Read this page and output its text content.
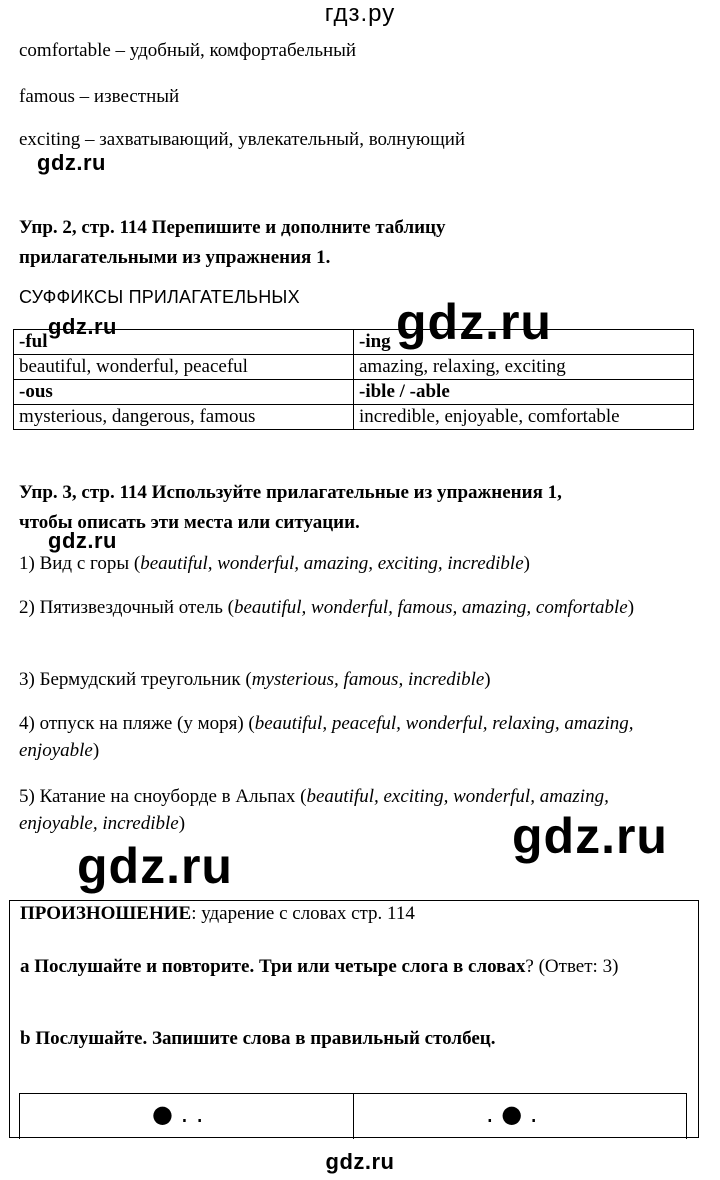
гдз.ру
comfortable – удобный, комфортабельный
famous – известный
exciting – захватывающий, увлекательный, волнующий
gdz.ru
Упр. 2, стр. 114 Перепишите и дополните таблицу
прилагательными из упражнения 1.
СУФФИКСЫ ПРИЛАГАТЕЛЬНЫХ
-ful	-ing
beautiful, wonderful, peaceful	amazing, relaxing, exciting
-ous	-ible / -able
mysterious, dangerous, famous	incredible, enjoyable, comfortable
gdz.ru	gdz.ru
Упр. 3, стр. 114 Используйте прилагательные из упражнения 1,
чтобы описать эти места или ситуации.
gdz.ru
1) Вид с горы (beautiful, wonderful, amazing, exciting, incredible)
2) Пятизвездочный отель (beautiful, wonderful, famous, amazing, comfortable)
3) Бермудский треугольник (mysterious, famous, incredible)
4) отпуск на пляже (у моря) (beautiful, peaceful, wonderful, relaxing, amazing, enjoyable)
5) Катание на сноуборде в Альпах (beautiful, exciting, wonderful, amazing, enjoyable, incredible)	gdz.ru
gdz.ru
ПРОИЗНОШЕНИЕ: ударение с словах стр. 114
a Послушайте и повторите. Три или четыре слога в словах? (Ответ: 3)
b Послушайте. Запишите слова в правильный столбец.
● . .	. ● .
gdz.ru
